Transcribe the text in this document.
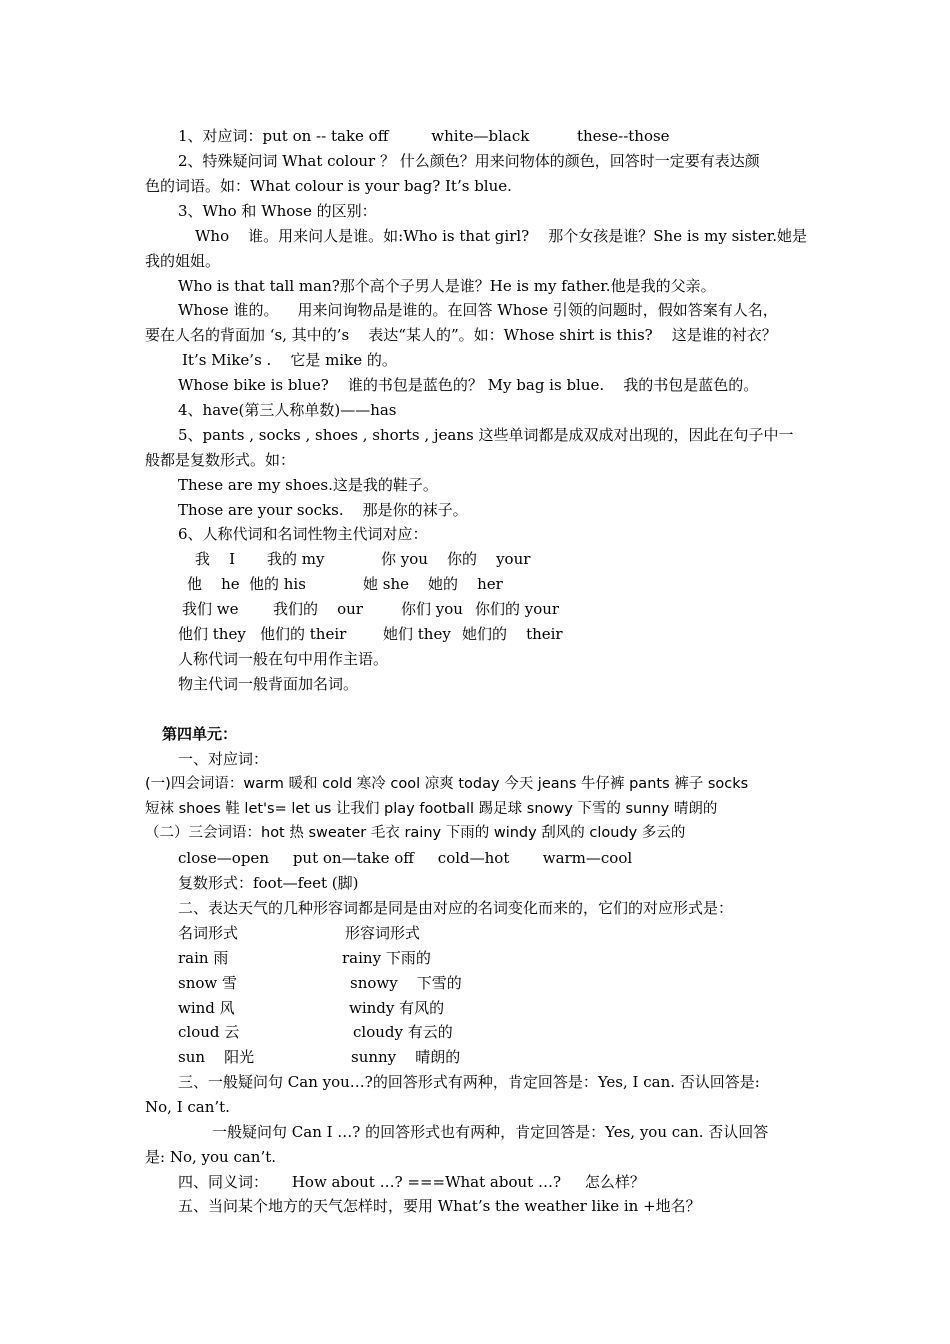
1、对应词：put on -- take off         white—black          these--those
2、特殊疑问词 What colour ？ 什么颜色？用来问物体的颜色，回答时一定要有表达颜
色的词语。如：What colour is your bag? It’s blue.
3、Who 和 Whose 的区别：
Who    谁。用来问人是谁。如:Who is that girl?    那个女孩是谁？She is my sister.她是
我的姐姐。
Who is that tall man?那个高个子男人是谁？He is my father.他是我的父亲。
Whose 谁的。    用来问询物品是谁的。在回答 Whose 引领的问题时，假如答案有人名，
要在人名的背面加 ‘s, 其中的’s    表达“某人的”。如：Whose shirt is this?    这是谁的衬衣？
It’s Mike’s .    它是 mike 的。
Whose bike is blue?    谁的书包是蓝色的？ My bag is blue.    我的书包是蓝色的。
4、have(第三人称单数)——has
5、pants , socks , shoes , shorts , jeans 这些单词都是成双成对出现的，因此在句子中一
般都是复数形式。如：
These are my shoes.这是我的鞋子。
Those are your socks.    那是你的袜子。
6、人称代词和名词性物主代词对应：
我    I 我的 my	你 you 你的    your
他    he 他的 his	她 she 她的    her
我们 we 我们的    our	你们 you 你们的 your
他们 they 他们的 their 她们 they 她们的    their
人称代词一般在句中用作主语。
物主代词一般背面加名词。
第四单元：
一、对应词：
(一)四会词语：warm 暖和 cold 寒冷 cool 凉爽 today 今天 jeans 牛仔裤 pants 裤子 socks
短袜 shoes 鞋 let's= let us 让我们 play football 踢足球 snowy 下雪的 sunny 晴朗的
（二）三会词语：hot 热 sweater 毛衣 rainy 下雨的 windy 刮风的 cloudy 多云的
close—open     put on—take off     cold—hot       warm—cool
复数形式：foot—feet (脚)
二、表达天气的几种形容词都是同是由对应的名词变化而来的，它们的对应形式是：
名词形式	形容词形式
rain 雨	rainy 下雨的
snow 雪	snowy    下雪的
wind 风	windy 有风的
cloud 云	cloudy 有云的
sun    阳光	sunny    晴朗的
三、一般疑问句 Can you…?的回答形式有两种，肯定回答是：Yes, I can. 否认回答是:
No, I can’t.
一般疑问句 Can I …? 的回答形式也有两种，肯定回答是：Yes, you can. 否认回答
是: No, you can’t.
四、同义词：     How about …? ===What about …?     怎么样？
五、当问某个地方的天气怎样时，要用 What’s the weather like in +地名？
